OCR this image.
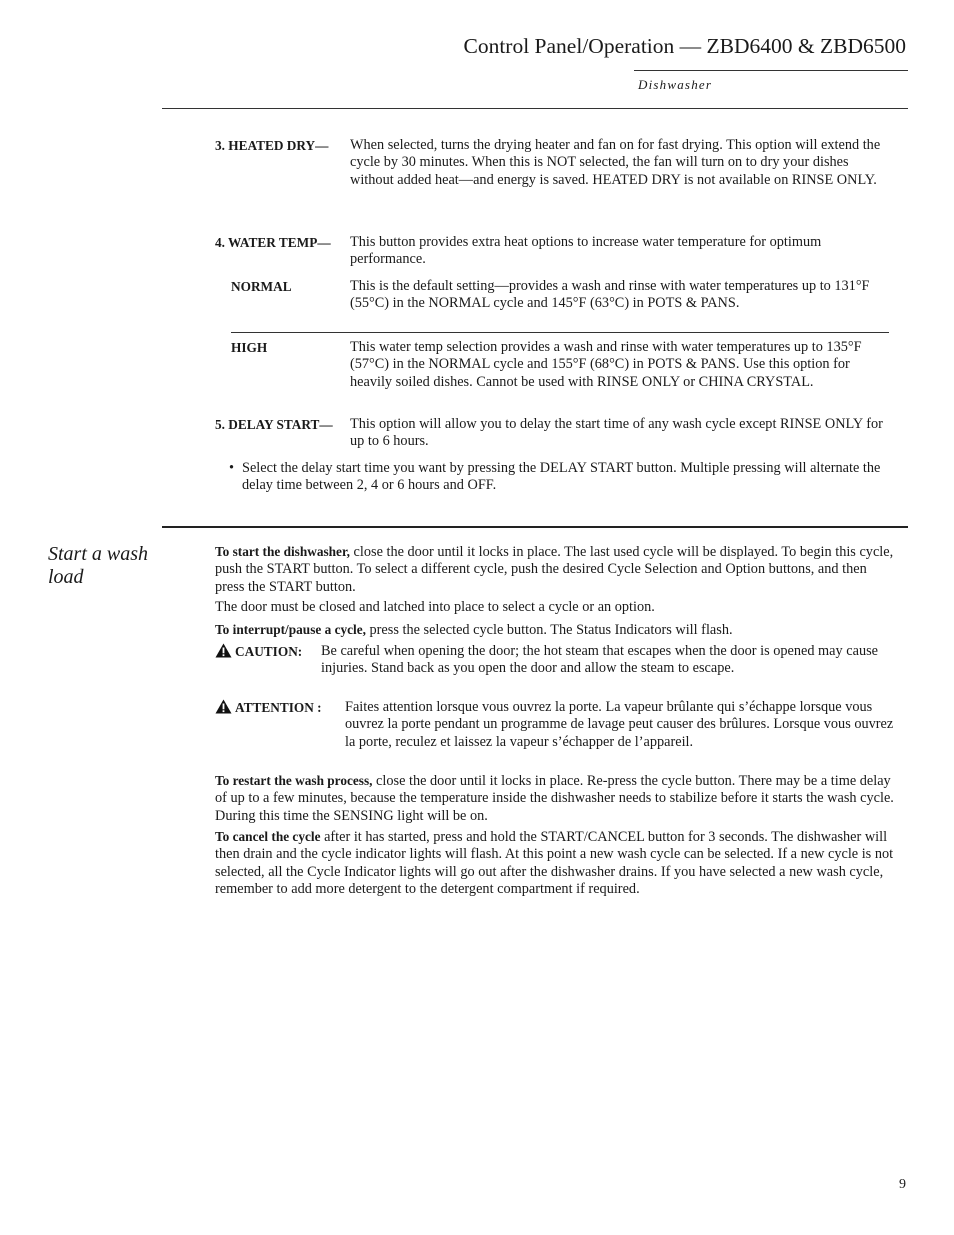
Control Panel/Operation — ZBD6400 & ZBD6500
Dishwasher
3. HEATED DRY— When selected, turns the drying heater and fan on for fast drying. This option will extend the cycle by 30 minutes. When this is NOT selected, the fan will turn on to dry your dishes without added heat—and energy is saved. HEATED DRY is not available on RINSE ONLY.
4. WATER TEMP— This button provides extra heat options to increase water temperature for optimum performance.
NORMAL	This is the default setting—provides a wash and rinse with water temperatures up to 131°F (55°C) in the NORMAL cycle and 145°F (63°C) in POTS & PANS.
HIGH	This water temp selection provides a wash and rinse with water temperatures up to 135°F (57°C) in the NORMAL cycle and 155°F (68°C) in POTS & PANS. Use this option for heavily soiled dishes. Cannot be used with RINSE ONLY or CHINA CRYSTAL.
5. DELAY START— This option will allow you to delay the start time of any wash cycle except RINSE ONLY for up to 6 hours.
• Select the delay start time you want by pressing the DELAY START button. Multiple pressing will alternate the delay time between 2, 4 or 6 hours and OFF.
Start a wash load
To start the dishwasher, close the door until it locks in place. The last used cycle will be displayed. To begin this cycle, push the START button. To select a different cycle, push the desired Cycle Selection and Option buttons, and then press the START button.
The door must be closed and latched into place to select a cycle or an option.
To interrupt/pause a cycle, press the selected cycle button. The Status Indicators will flash.
CAUTION: Be careful when opening the door; the hot steam that escapes when the door is opened may cause injuries. Stand back as you open the door and allow the steam to escape.
ATTENTION : Faites attention lorsque vous ouvrez la porte. La vapeur brûlante qui s’échappe lorsque vous ouvrez la porte pendant un programme de lavage peut causer des brûlures. Lorsque vous ouvrez la porte, reculez et laissez la vapeur s’échapper de l’appareil.
To restart the wash process, close the door until it locks in place. Re-press the cycle button. There may be a time delay of up to a few minutes, because the temperature inside the dishwasher needs to stabilize before it starts the wash cycle. During this time the SENSING light will be on.
To cancel the cycle after it has started, press and hold the START/CANCEL button for 3 seconds. The dishwasher will then drain and the cycle indicator lights will flash. At this point a new wash cycle can be selected. If a new cycle is not selected, all the Cycle Indicator lights will go out after the dishwasher drains. If you have selected a new wash cycle, remember to add more detergent to the detergent compartment if required.
9
